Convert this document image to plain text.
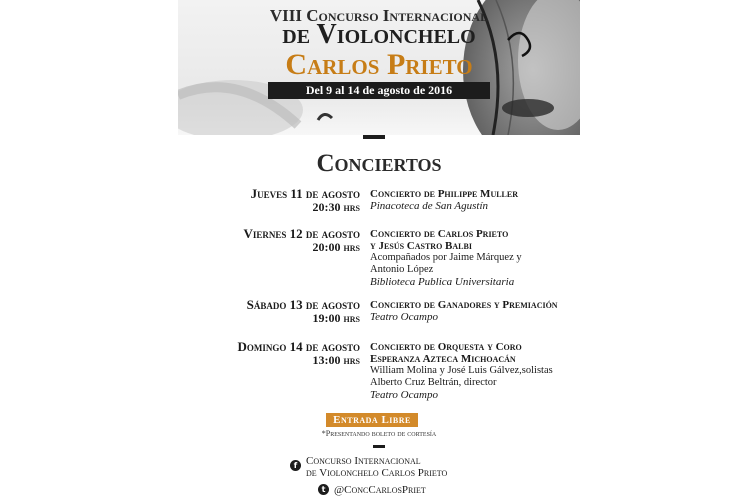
VIII Concurso Internacional
de Violonchelo
Carlos Prieto
Del 9 al 14 de agosto de 2016
Conciertos
Jueves 11 de agosto
20:30 hrs
Concierto de Philippe Muller
Pinacoteca de San Agustín
Viernes 12 de agosto
20:00 hrs
Concierto de Carlos Prieto
y Jesús Castro Balbi
Acompañados por Jaime Márquez y
Antonio López
Biblioteca Publica Universitaria
Sábado 13 de agosto
19:00 hrs
Concierto de Ganadores y Premiación
Teatro Ocampo
Domingo 14 de agosto
13:00 hrs
Concierto de Orquesta y Coro
Esperanza Azteca Michoacán
William Molina y José Luis Gálvez,solistas
Alberto Cruz Beltrán, director
Teatro Ocampo
Entrada Libre
*Presentando boleto de cortesía
f Concurso Internacional
de Violonchelo Carlos Prieto
t @ConcCarlosPriet
